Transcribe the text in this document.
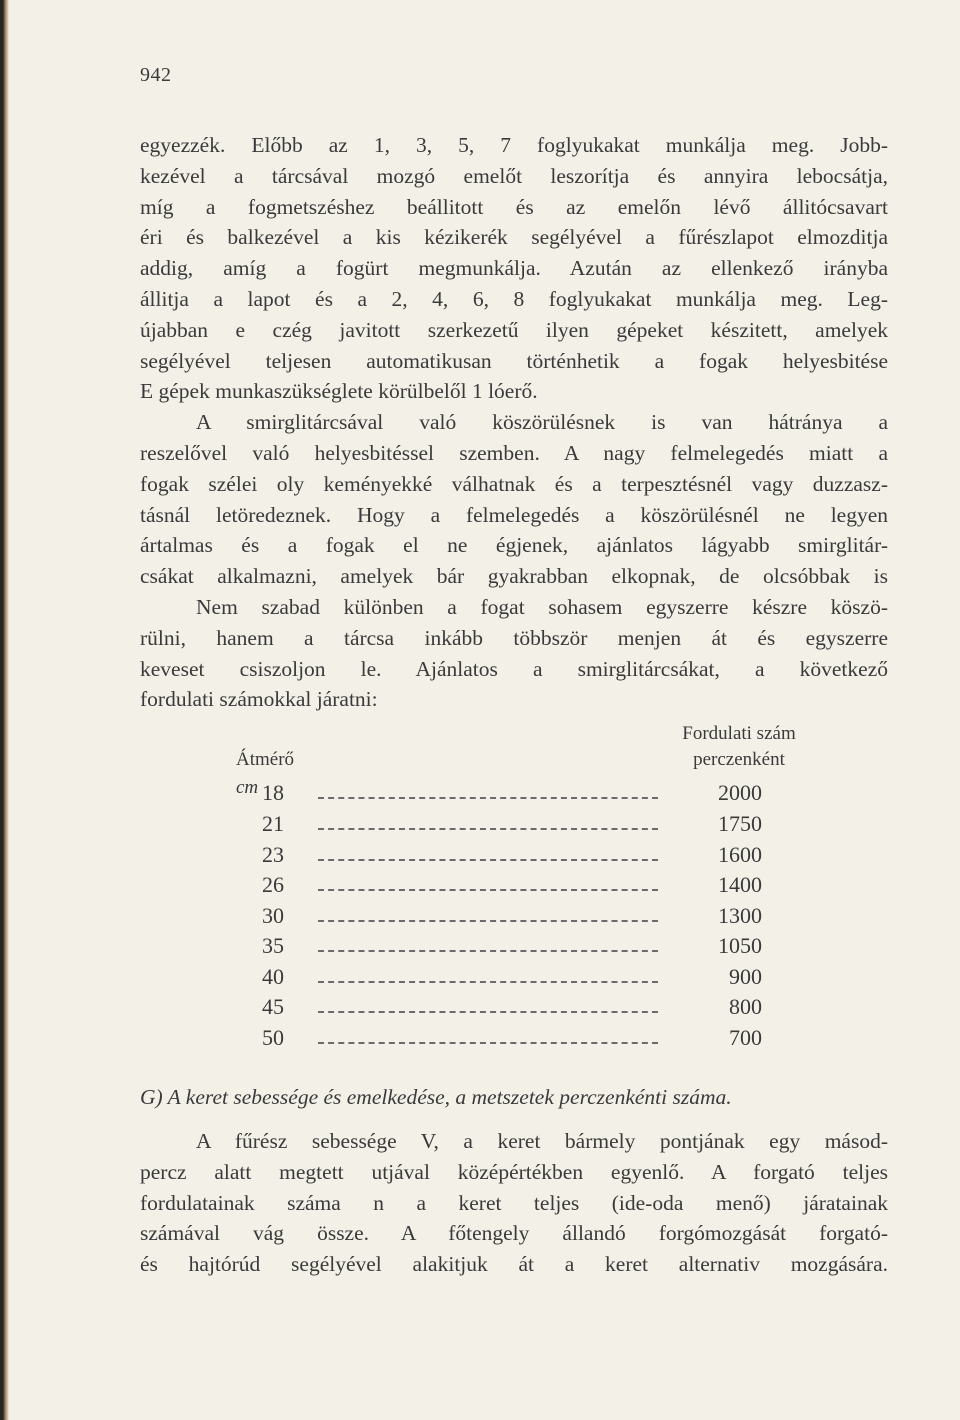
942
egyezzék. Előbb az 1, 3, 5, 7 foglyukakat munkálja meg. Jobb-
kezével a tárcsával mozgó emelőt leszorítja és annyira lebocsátja,
míg a fogmetszéshez beállitott és az emelőn lévő állitócsavart
éri és balkezével a kis kézikerék segélyével a fűrészlapot elmozditja
addig, amíg a fogürt megmunkálja. Azután az ellenkező irányba
állitja a lapot és a 2, 4, 6, 8 foglyukakat munkálja meg. Leg-
újabban e czég javitott szerkezetű ilyen gépeket készitett, amelyek
segélyével teljesen automatikusan történhetik a fogak helyesbitése
E gépek munkaszükséglete körülbelől 1 lóerő.
A smirglitárcsával való köszörülésnek is van hátránya a
reszelővel való helyesbitéssel szemben. A nagy felmelegedés miatt a
fogak szélei oly keményekké válhatnak és a terpesztésnél vagy duzzasz-
tásnál letöredeznek. Hogy a felmelegedés a köszörülésnél ne legyen
ártalmas és a fogak el ne égjenek, ajánlatos lágyabb smirglitár-
csákat alkalmazni, amelyek bár gyakrabban elkopnak, de olcsóbbak is
Nem szabad különben a fogat sohasem egyszerre készre köszö-
rülni, hanem a tárcsa inkább többször menjen át és egyszerre
keveset csiszoljon le. Ajánlatos a smirglitárcsákat, a következő
fordulati számokkal járatni:
Fordulati szám
perczenként
Átmérő cm 18	2000
21	1750
23	1600
26	1400
30	1300
35	1050
40	900
45	800
50	700
G) A keret sebessége és emelkedése, a metszetek perczenkénti száma.
A fűrész sebessége V, a keret bármely pontjának egy másod-
percz alatt megtett utjával középértékben egyenlő. A forgató teljes
fordulatainak száma n a keret teljes (ide-oda menő) járatainak
számával vág össze. A főtengely állandó forgómozgását forgató-
és hajtórúd segélyével alakitjuk át a keret alternativ mozgására.
